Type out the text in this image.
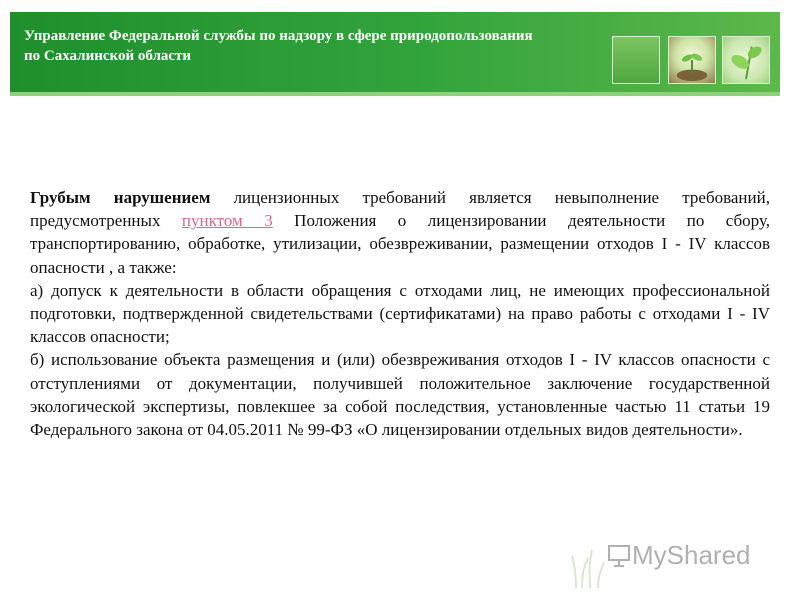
Управление Федеральной службы по надзору в сфере природопользования
по Сахалинской области

Грубым нарушением лицензионных требований является невыполнение требований, предусмотренных пунктом 3 Положения о лицензировании деятельности по сбору, транспортированию, обработке, утилизации, обезвреживании, размещении отходов I - IV классов опасности , а также:

а) допуск к деятельности в области обращения с отходами лиц, не имеющих профессиональной подготовки, подтвержденной свидетельствами (сертификатами) на право работы с отходами I - IV классов опасности;

б) использование объекта размещения и (или) обезвреживания отходов I - IV классов опасности с отступлениями от документации, получившей положительное заключение государственной экологической экспертизы, повлекшее за собой последствия, установленные частью 11 статьи 19 Федерального закона от 04.05.2011 № 99-ФЗ «О лицензировании отдельных видов деятельности».

MyShared
